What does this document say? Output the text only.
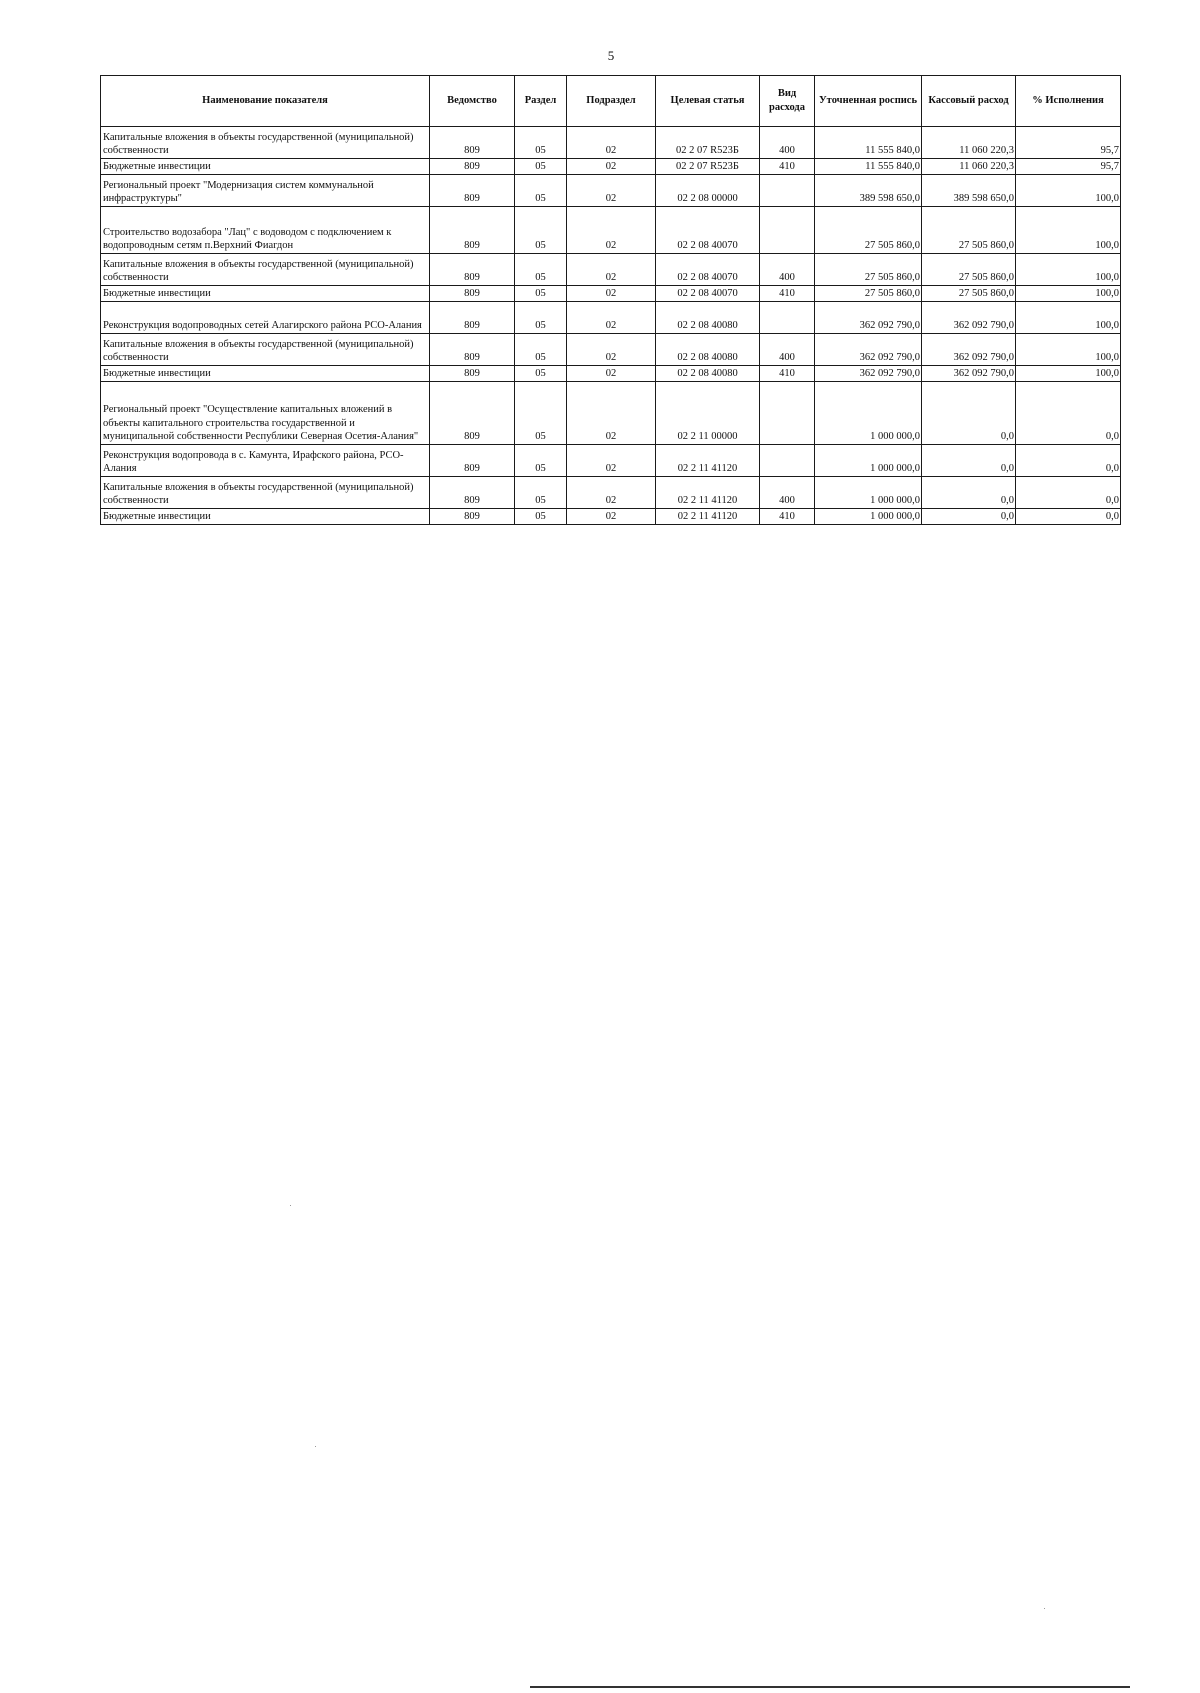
5
Наименование показателя	Ведомство	Раздел	Подраздел	Целевая статья	Вид расхода	Уточненная роспись	Кассовый расход	% Исполнения
Капитальные вложения в объекты государственной (муниципальной) собственности	809	05	02	02 2 07 R523Б	400	11 555 840,0	11 060 220,3	95,7
Бюджетные инвестиции	809	05	02	02 2 07 R523Б	410	11 555 840,0	11 060 220,3	95,7
Региональный проект "Модернизация систем коммунальной инфраструктуры"	809	05	02	02 2 08 00000		389 598 650,0	389 598 650,0	100,0
Строительство водозабора "Лац" с водоводом с подключением к водопроводным сетям п.Верхний Фиагдон	809	05	02	02 2 08 40070		27 505 860,0	27 505 860,0	100,0
Капитальные вложения в объекты государственной (муниципальной) собственности	809	05	02	02 2 08 40070	400	27 505 860,0	27 505 860,0	100,0
Бюджетные инвестиции	809	05	02	02 2 08 40070	410	27 505 860,0	27 505 860,0	100,0
Реконструкция водопроводных сетей Алагирского района РСО-Алания	809	05	02	02 2 08 40080		362 092 790,0	362 092 790,0	100,0
Капитальные вложения в объекты государственной (муниципальной) собственности	809	05	02	02 2 08 40080	400	362 092 790,0	362 092 790,0	100,0
Бюджетные инвестиции	809	05	02	02 2 08 40080	410	362 092 790,0	362 092 790,0	100,0
Региональный проект "Осуществление капитальных вложений в объекты капитального строительства государственной и муниципальной собственности Республики Северная Осетия-Алания"	809	05	02	02 2 11 00000		1 000 000,0	0,0	0,0
Реконструкция водопровода в с. Камунта, Ирафского района, РСО-Алания	809	05	02	02 2 11 41120		1 000 000,0	0,0	0,0
Капитальные вложения в объекты государственной (муниципальной) собственности	809	05	02	02 2 11 41120	400	1 000 000,0	0,0	0,0
Бюджетные инвестиции	809	05	02	02 2 11 41120	410	1 000 000,0	0,0	0,0
